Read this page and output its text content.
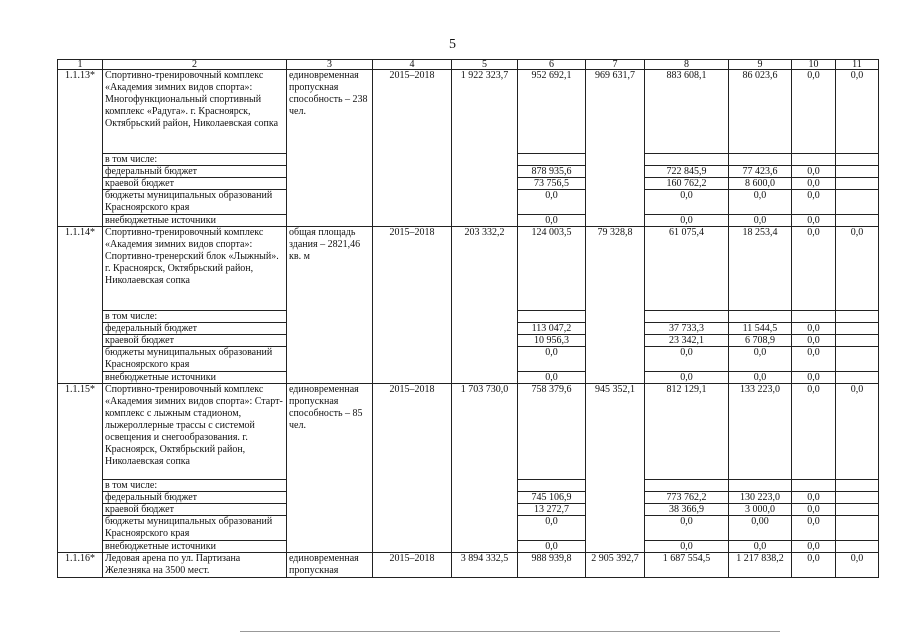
5
1	2	3	4	5	6	7	8	9	10	11
1.1.13*	Спортивно-тренировочный комплекс «Академия зимних видов спорта»: Многофункциональный спортивный комплекс «Радуга». г. Красноярск, Октябрьский район, Николаевская сопка	единовременная пропускная способность – 238 чел.	2015–2018	1 922 323,7	952 692,1	969 631,7	883 608,1	86 023,6	0,0	0,0
	в том числе:									
	федеральный бюджет				878 935,6		722 845,9	77 423,6	0,0	
	краевой бюджет				73 756,5		160 762,2	8 600,0	0,0	
	бюджеты муниципальных образований Красноярского края				0,0		0,0	0,0	0,0	
	внебюджетные источники				0,0		0,0	0,0	0,0	
1.1.14*	Спортивно-тренировочный комплекс «Академия зимних видов спорта»: Спортивно-тренерский блок «Лыжный». г. Красноярск, Октябрьский район, Николаевская сопка	общая площадь здания – 2821,46 кв. м	2015–2018	203 332,2	124 003,5	79 328,8	61 075,4	18 253,4	0,0	0,0
	в том числе:									
	федеральный бюджет				113 047,2		37 733,3	11 544,5	0,0	
	краевой бюджет				10 956,3		23 342,1	6 708,9	0,0	
	бюджеты муниципальных образований Красноярского края				0,0		0,0	0,0	0,0	
	внебюджетные источники				0,0		0,0	0,0	0,0	
1.1.15*	Спортивно-тренировочный комплекс «Академия зимних видов спорта»: Старт-комплекс с лыжным стадионом, лыжероллерные трассы с системой освещения и снегообразования. г. Красноярск, Октябрьский район, Николаевская сопка	единовременная пропускная способность – 85 чел.	2015–2018	1 703 730,0	758 379,6	945 352,1	812 129,1	133 223,0	0,0	0,0
	в том числе:									
	федеральный бюджет				745 106,9		773 762,2	130 223,0	0,0	
	краевой бюджет				13 272,7		38 366,9	3 000,0	0,0	
	бюджеты муниципальных образований Красноярского края				0,0		0,0	0,00	0,0	
	внебюджетные источники				0,0		0,0	0,0	0,0	
1.1.16*	Ледовая арена по ул. Партизана Железняка на 3500 мест.	единовременная пропускная	2015–2018	3 894 332,5	988 939,8	2 905 392,7	1 687 554,5	1 217 838,2	0,0	0,0
